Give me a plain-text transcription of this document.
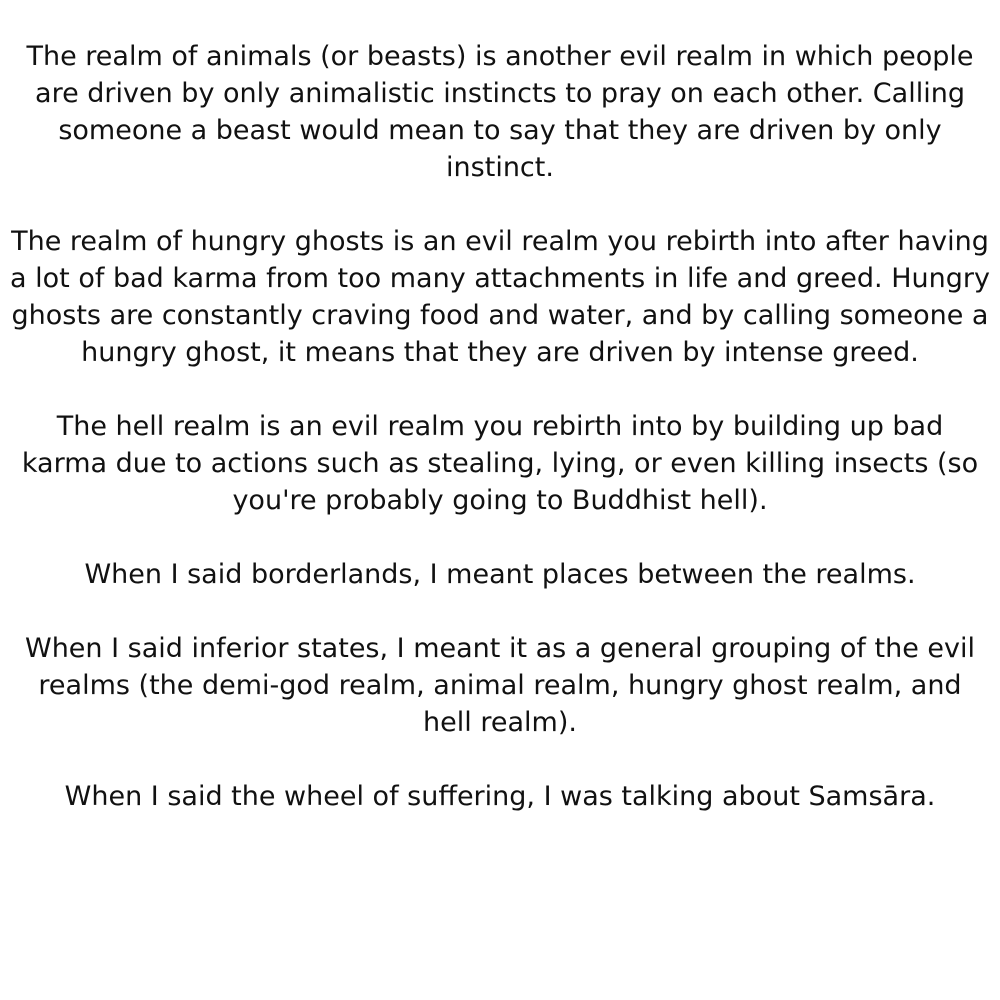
The realm of animals (or beasts) is another evil realm in which people are driven by only animalistic instincts to pray on each other. Calling someone a beast would mean to say that they are driven by only instinct.

The realm of hungry ghosts is an evil realm you rebirth into after having a lot of bad karma from too many attachments in life and greed. Hungry ghosts are constantly craving food and water, and by calling someone a hungry ghost, it means that they are driven by intense greed.

The hell realm is an evil realm you rebirth into by building up bad karma due to actions such as stealing, lying, or even killing insects (so you're probably going to Buddhist hell).

When I said borderlands, I meant places between the realms.

When I said inferior states, I meant it as a general grouping of the evil realms (the demi-god realm, animal realm, hungry ghost realm, and hell realm).

When I said the wheel of suffering, I was talking about Samsāra.
